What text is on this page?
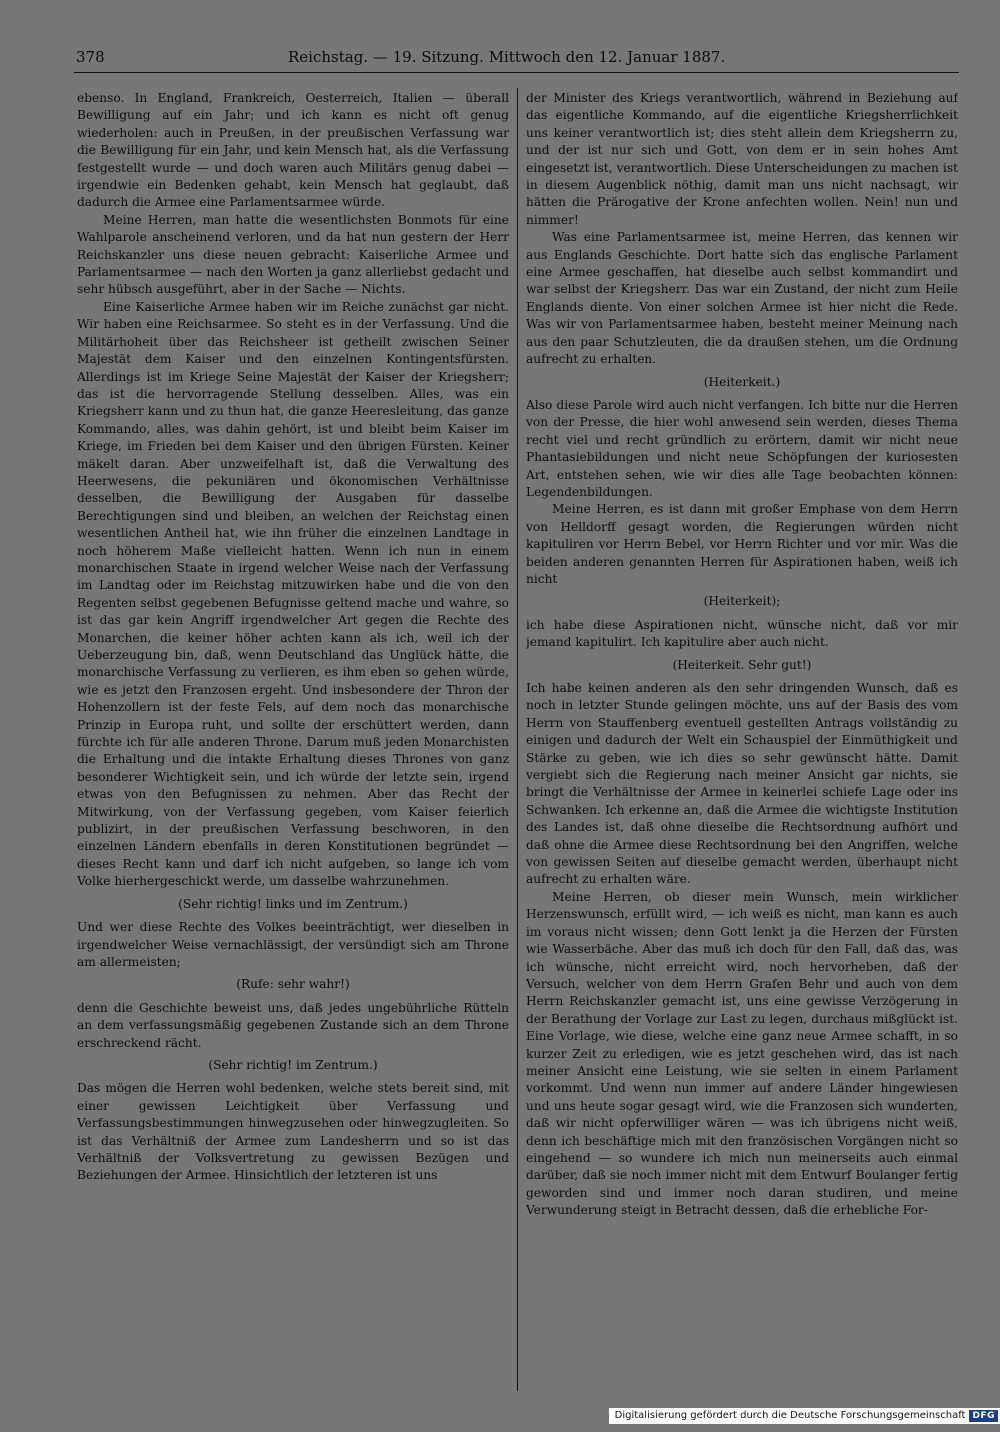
378	Reichstag. — 19. Sitzung. Mittwoch den 12. Januar 1887.

ebenso. In England, Frankreich, Oesterreich, Italien — überall Bewilligung auf ein Jahr; und ich kann es nicht oft genug wiederholen: auch in Preußen, in der preußischen Verfassung war die Bewilligung für ein Jahr, und kein Mensch hat, als die Verfassung festgestellt wurde — und doch waren auch Militärs genug dabei — irgendwie ein Bedenken gehabt, kein Mensch hat geglaubt, daß dadurch die Armee eine Parlamentsarmee würde.

Meine Herren, man hatte die wesentlichsten Bonmots für eine Wahlparole anscheinend verloren, und da hat nun gestern der Herr Reichskanzler uns diese neuen gebracht: Kaiserliche Armee und Parlamentsarmee — nach den Worten ja ganz allerliebst gedacht und sehr hübsch ausgeführt, aber in der Sache — Nichts.

Eine Kaiserliche Armee haben wir im Reiche zunächst gar nicht. Wir haben eine Reichsarmee. So steht es in der Verfassung. Und die Militärhoheit über das Reichsheer ist getheilt zwischen Seiner Majestät dem Kaiser und den einzelnen Kontingentsfürsten. Allerdings ist im Kriege Seine Majestät der Kaiser der Kriegsherr; das ist die hervorragende Stellung desselben. Alles, was ein Kriegsherr kann und zu thun hat, die ganze Heeresleitung, das ganze Kommando, alles, was dahin gehört, ist und bleibt beim Kaiser im Kriege, im Frieden bei dem Kaiser und den übrigen Fürsten. Keiner mäkelt daran. Aber unzweifelhaft ist, daß die Verwaltung des Heerwesens, die pekuniären und ökonomischen Verhältnisse desselben, die Bewilligung der Ausgaben für dasselbe Berechtigungen sind und bleiben, an welchen der Reichstag einen wesentlichen Antheil hat, wie ihn früher die einzelnen Landtage in noch höherem Maße vielleicht hatten. Wenn ich nun in einem monarchischen Staate in irgend welcher Weise nach der Verfassung im Landtag oder im Reichstag mitzuwirken habe und die von den Regenten selbst gegebenen Befugnisse geltend mache und wahre, so ist das gar kein Angriff irgendwelcher Art gegen die Rechte des Monarchen, die keiner höher achten kann als ich, weil ich der Ueberzeugung bin, daß, wenn Deutschland das Unglück hätte, die monarchische Verfassung zu verlieren, es ihm eben so gehen würde, wie es jetzt den Franzosen ergeht. Und insbesondere der Thron der Hohenzollern ist der feste Fels, auf dem noch das monarchische Prinzip in Europa ruht, und sollte der erschüttert werden, dann fürchte ich für alle anderen Throne. Darum muß jeden Monarchisten die Erhaltung und die intakte Erhaltung dieses Thrones von ganz besonderer Wichtigkeit sein, und ich würde der letzte sein, irgend etwas von den Befugnissen zu nehmen. Aber das Recht der Mitwirkung, von der Verfassung gegeben, vom Kaiser feierlich publizirt, in der preußischen Verfassung beschworen, in den einzelnen Ländern ebenfalls in deren Konstitutionen begründet — dieses Recht kann und darf ich nicht aufgeben, so lange ich vom Volke hierhergeschickt werde, um dasselbe wahrzunehmen.

(Sehr richtig! links und im Zentrum.)

Und wer diese Rechte des Volkes beeinträchtigt, wer dieselben in irgendwelcher Weise vernachlässigt, der versündigt sich am Throne am allermeisten;

(Rufe: sehr wahr!)

denn die Geschichte beweist uns, daß jedes ungebührliche Rütteln an dem verfassungsmäßig gegebenen Zustande sich an dem Throne erschreckend rächt.

(Sehr richtig! im Zentrum.)

Das mögen die Herren wohl bedenken, welche stets bereit sind, mit einer gewissen Leichtigkeit über Verfassung und Verfassungsbestimmungen hinwegzusehen oder hinwegzugleiten. So ist das Verhältniß der Armee zum Landesherrn und so ist das Verhältniß der Volksvertretung zu gewissen Bezügen und Beziehungen der Armee. Hinsichtlich der letzteren ist uns

der Minister des Kriegs verantwortlich, während in Beziehung auf das eigentliche Kommando, auf die eigentliche Kriegsherrlichkeit uns keiner verantwortlich ist; dies steht allein dem Kriegsherrn zu, und der ist nur sich und Gott, von dem er in sein hohes Amt eingesetzt ist, verantwortlich. Diese Unterscheidungen zu machen ist in diesem Augenblick nöthig, damit man uns nicht nachsagt, wir hätten die Prärogative der Krone anfechten wollen. Nein! nun und nimmer!

Was eine Parlamentsarmee ist, meine Herren, das kennen wir aus Englands Geschichte. Dort hatte sich das englische Parlament eine Armee geschaffen, hat dieselbe auch selbst kommandirt und war selbst der Kriegsherr. Das war ein Zustand, der nicht zum Heile Englands diente. Von einer solchen Armee ist hier nicht die Rede. Was wir von Parlamentsarmee haben, besteht meiner Meinung nach aus den paar Schutzleuten, die da draußen stehen, um die Ordnung aufrecht zu erhalten.

(Heiterkeit.)

Also diese Parole wird auch nicht verfangen. Ich bitte nur die Herren von der Presse, die hier wohl anwesend sein werden, dieses Thema recht viel und recht gründlich zu erörtern, damit wir nicht neue Phantasiebildungen und nicht neue Schöpfungen der kuriosesten Art, entstehen sehen, wie wir dies alle Tage beobachten können: Legendenbildungen.

Meine Herren, es ist dann mit großer Emphase von dem Herrn von Helldorff gesagt worden, die Regierungen würden nicht kapituliren vor Herrn Bebel, vor Herrn Richter und vor mir. Was die beiden anderen genannten Herren für Aspirationen haben, weiß ich nicht

(Heiterkeit);

ich habe diese Aspirationen nicht, wünsche nicht, daß vor mir jemand kapitulirt. Ich kapitulire aber auch nicht.

(Heiterkeit. Sehr gut!)

Ich habe keinen anderen als den sehr dringenden Wunsch, daß es noch in letzter Stunde gelingen möchte, uns auf der Basis des vom Herrn von Stauffenberg eventuell gestellten Antrags vollständig zu einigen und dadurch der Welt ein Schauspiel der Einmüthigkeit und Stärke zu geben, wie ich dies so sehr gewünscht hätte. Damit vergiebt sich die Regierung nach meiner Ansicht gar nichts, sie bringt die Verhältnisse der Armee in keinerlei schiefe Lage oder ins Schwanken. Ich erkenne an, daß die Armee die wichtigste Institution des Landes ist, daß ohne dieselbe die Rechtsordnung aufhört und daß ohne die Armee diese Rechtsordnung bei den Angriffen, welche von gewissen Seiten auf dieselbe gemacht werden, überhaupt nicht aufrecht zu erhalten wäre.

Meine Herren, ob dieser mein Wunsch, mein wirklicher Herzenswunsch, erfüllt wird, — ich weiß es nicht, man kann es auch im voraus nicht wissen; denn Gott lenkt ja die Herzen der Fürsten wie Wasserbäche. Aber das muß ich doch für den Fall, daß das, was ich wünsche, nicht erreicht wird, noch hervorheben, daß der Versuch, welcher von dem Herrn Grafen Behr und auch von dem Herrn Reichskanzler gemacht ist, uns eine gewisse Verzögerung in der Berathung der Vorlage zur Last zu legen, durchaus mißglückt ist. Eine Vorlage, wie diese, welche eine ganz neue Armee schafft, in so kurzer Zeit zu erledigen, wie es jetzt geschehen wird, das ist nach meiner Ansicht eine Leistung, wie sie selten in einem Parlament vorkommt. Und wenn nun immer auf andere Länder hingewiesen und uns heute sogar gesagt wird, wie die Franzosen sich wunderten, daß wir nicht opferwilliger wären — was ich übrigens nicht weiß, denn ich beschäftige mich mit den französischen Vorgängen nicht so eingehend — so wundere ich mich nun meinerseits auch einmal darüber, daß sie noch immer nicht mit dem Entwurf Boulanger fertig geworden sind und immer noch daran studiren, und meine Verwunderung steigt in Betracht dessen, daß die erhebliche For-

Digitalisierung gefördert durch die Deutsche Forschungsgemeinschaft DFG
